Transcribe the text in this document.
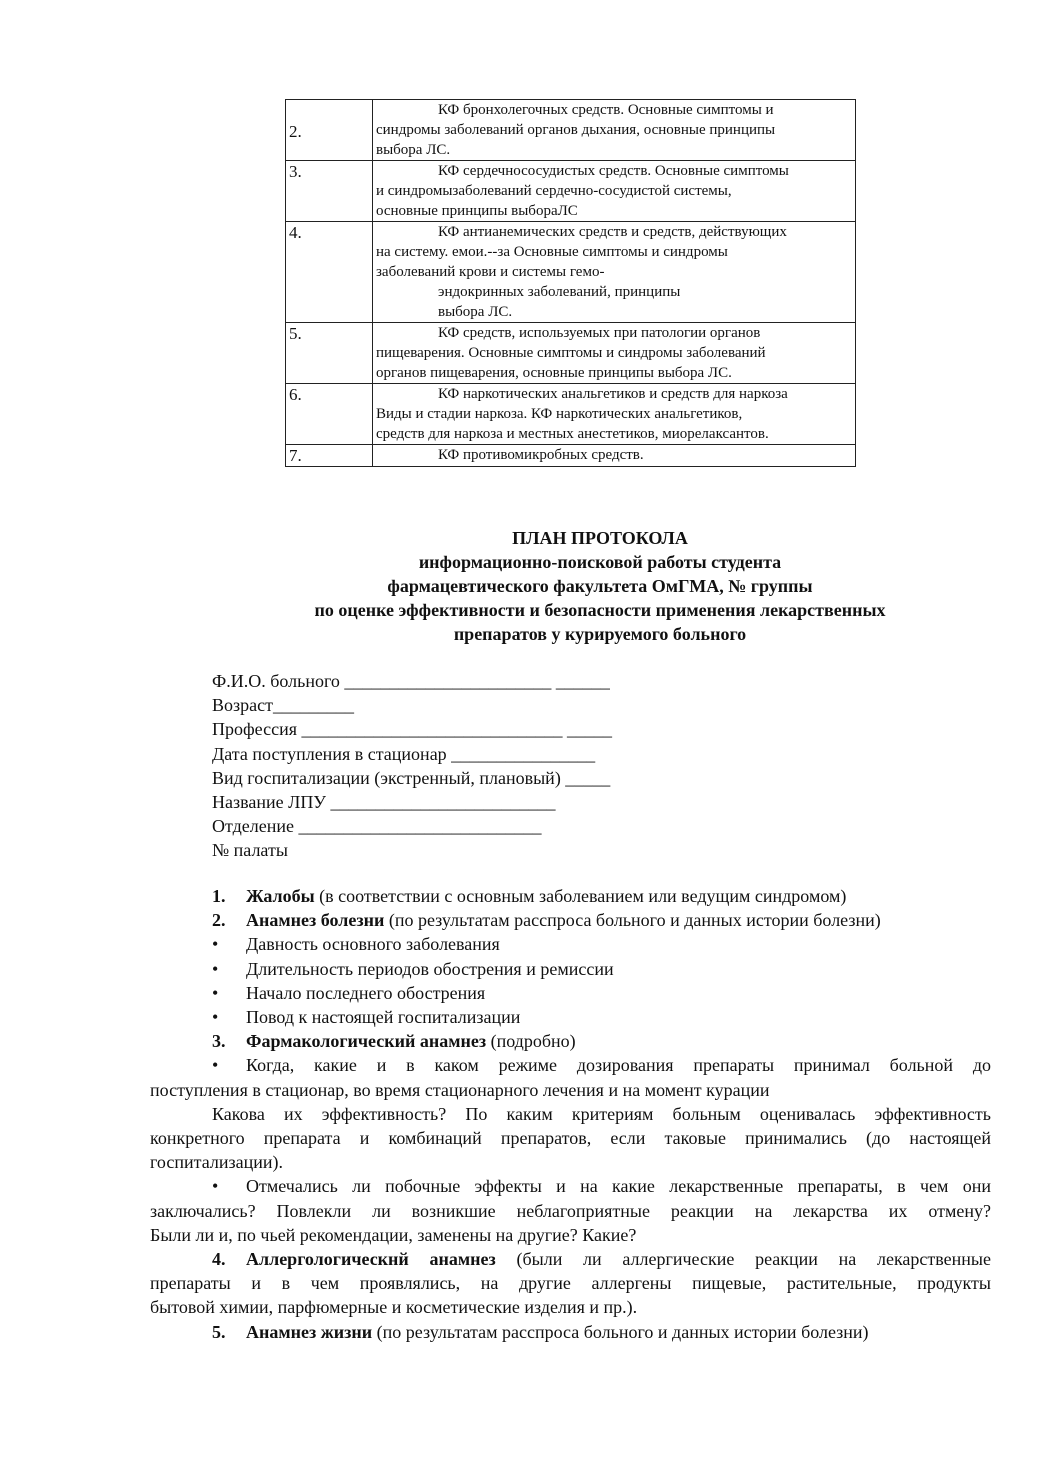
2.	КФ бронхолегочных средств. Основные симптомы и
синдромы заболеваний органов дыхания, основные принципы
выбора ЛС.

3.	КФ сердечнососудистых средств. Основные симптомы
и синдромызаболеваний сердечно-сосудистой системы,
основные принципы выбораЛС

4.	КФ антианемических средств и средств, действующих
на систему. емои.--за Основные симптомы и синдромы
заболеваний крови и системы гемо-
эндокринных заболеваний, принципы
выбора ЛС.

5.	КФ средств, используемых при патологии органов
пищеварения. Основные симптомы и синдромы заболеваний
органов пищеварения, основные принципы выбора ЛС.

6.	КФ наркотических анальгетиков и средств для наркоза
Виды и стадии наркоза. КФ наркотических анальгетиков,
средств для наркоза и местных анестетиков, миорелаксантов.

7.	КФ противомикробных средств.
ПЛАН ПРОТОКОЛА
информационно-поисковой работы студента
фармацевтического факультета ОмГМА, № группы
по оценке эффективности и безопасности применения лекарственных
препаратов у курируемого больного
Ф.И.О. больного _______________________ ______
Возраст_________
Профессия _____________________________ _____
Дата поступления в стационар ________________
Вид госпитализации (экстренный, плановый) _____
Название ЛПУ _________________________
Отделение ___________________________
№ палаты
1. Жалобы (в соответствии с основным заболеванием или ведущим синдромом)
2. Анамнез болезни (по результатам расспроса больного и данных истории болезни)
• Давность основного заболевания
• Длительность периодов обострения и ремиссии
• Начало последнего обострения
• Повод к настоящей госпитализации
3. Фармакологический анамнез (подробно)
• Когда, какие и в каком режиме дозирования препараты принимал больной до
поступления в стационар, во время стационарного лечения и на момент курации
Какова их эффективность? По каким критериям больным оценивалась эффективность
конкретного препарата и комбинаций препаратов, если таковые принимались (до настоящей
госпитализации).
• Отмечались ли побочные эффекты и на какие лекарственные препараты, в чем они
заключались? Повлекли ли возникшие неблагоприятные реакции на лекарства их отмену?
Были ли и, по чьей рекомендации, заменены на другие? Какие?
4. Аллергологическнй анамнез (были ли аллергические реакции на лекарственные
препараты и в чем проявлялись, на другие аллергены пищевые, растительные, продукты
бытовой химии, парфюмерные и косметические изделия и пр.).
5. Анамнез жизни (по результатам расспроса больного и данных истории болезни)
